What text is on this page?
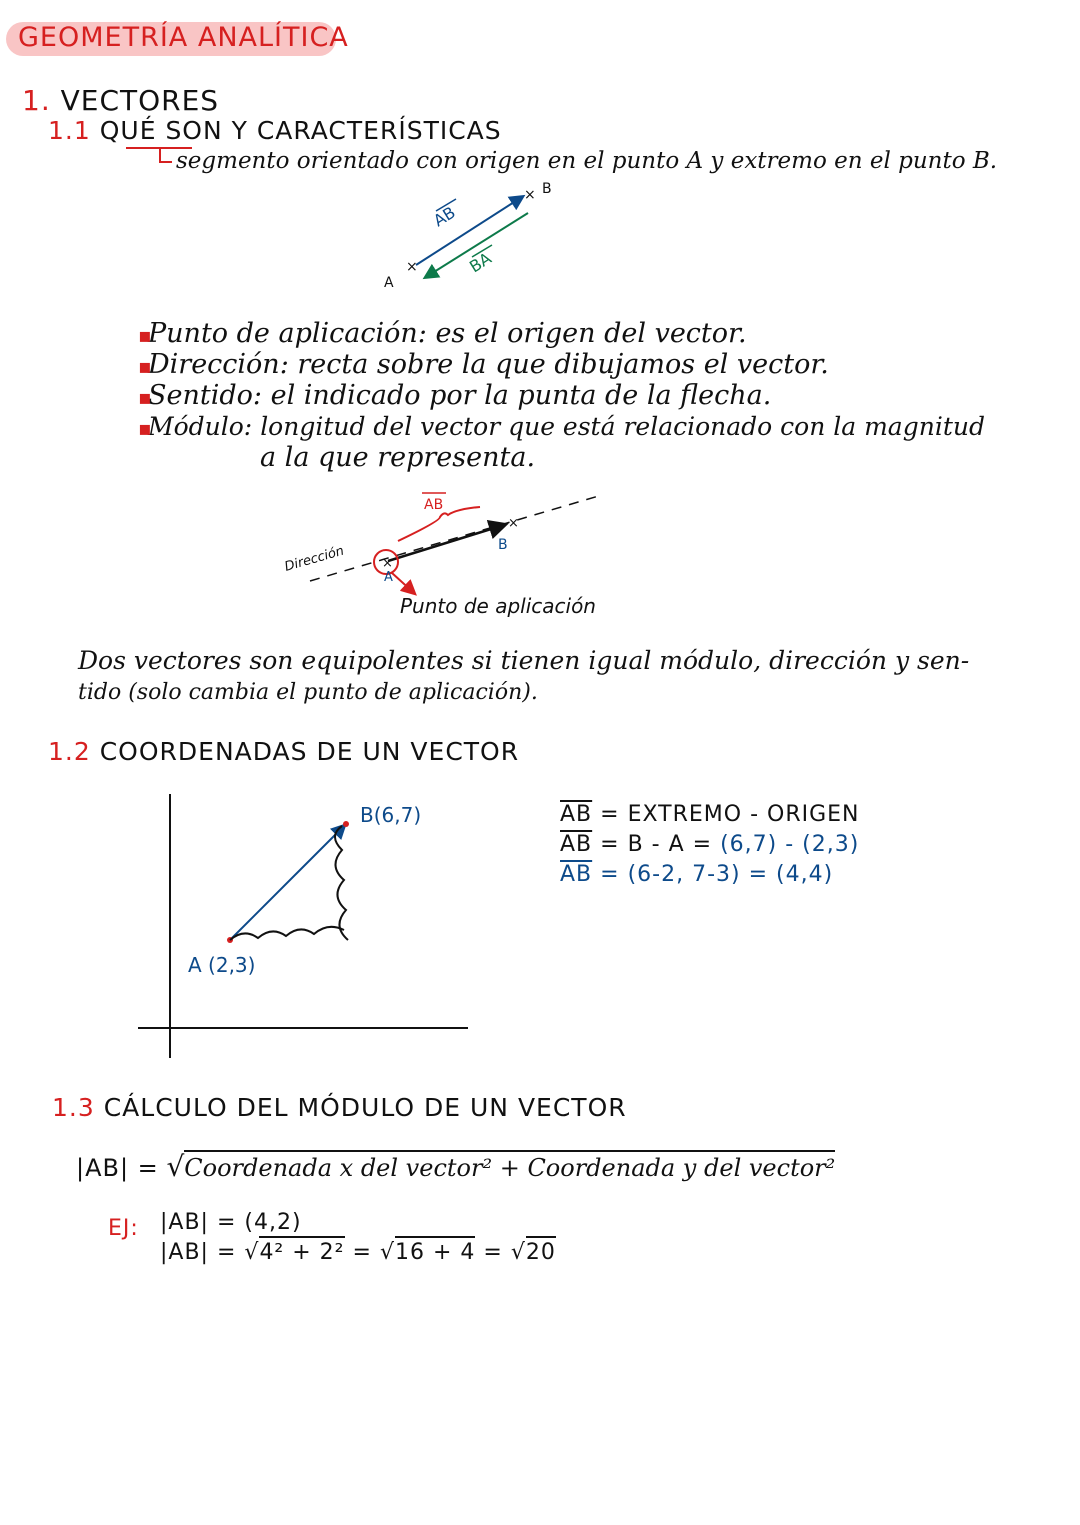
GEOMETRÍA ANALÍTICA
1. VECTORES
1.1 QUÉ SON Y CARACTERÍSTICAS
segmento orientado con origen en el punto A y extremo en el punto B.
×
×
A
B
AB
BA
▪
Punto de aplicación: es el origen del vector.
▪
Dirección: recta sobre la que dibujamos el vector.
▪
Sentido: el indicado por la punta de la flecha.
▪
Módulo: longitud del vector que está relacionado con la magnitud
a la que representa.
×
×
A
B
AB
Dirección
Punto de aplicación
Dos vectores son equipolentes si tienen igual módulo, dirección y sen-
tido (solo cambia el punto de aplicación).
1.2 COORDENADAS DE UN VECTOR
A (2,3)
B(6,7)	$\overline{AB}$ = EXTREMO - ORIGEN
$\overline{AB} = B - A = (6,7) - (2,3)$
$\overline{AB} = (6-2$, 7-3) = (4,4)
1.3 CÁLCULO DEL MÓDULO DE UN VECTOR
|AB| = √Coordenada x del vector² + Coordenada y del vector²
EJ: |AB| = (4,2)
|AB| = √4² + 2² = √16 + 4 = √20
